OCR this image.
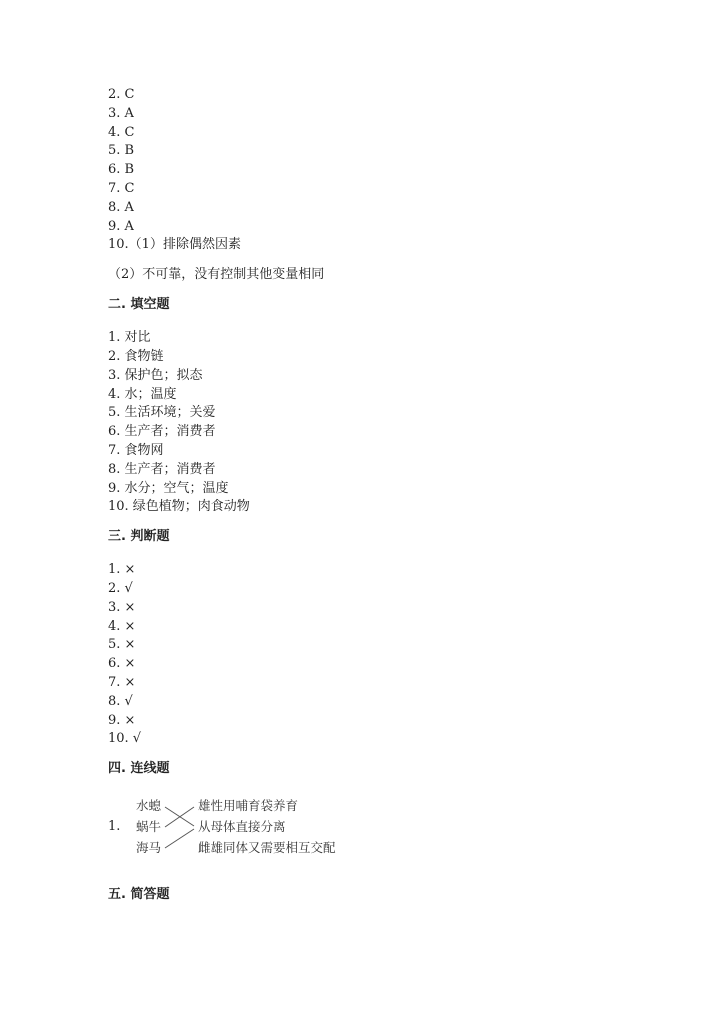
2. C
3. A
4. C
5. B
6. B
7. C
8. A
9. A
10.（1）排除偶然因素
（2）不可靠，没有控制其他变量相同
二. 填空题
1. 对比
2. 食物链
3. 保护色；拟态
4. 水；温度
5. 生活环境；关爱
6. 生产者；消费者
7. 食物网
8. 生产者；消费者
9. 水分；空气；温度
10. 绿色植物；肉食动物
三. 判断题
1. ×
2. √
3. ×
4. ×
5. ×
6. ×
7. ×
8. √
9. ×
10. √
四. 连线题
1.
水螅
蜗牛
海马
雄性用哺育袋养育
从母体直接分离
雌雄同体又需要相互交配
五. 简答题
